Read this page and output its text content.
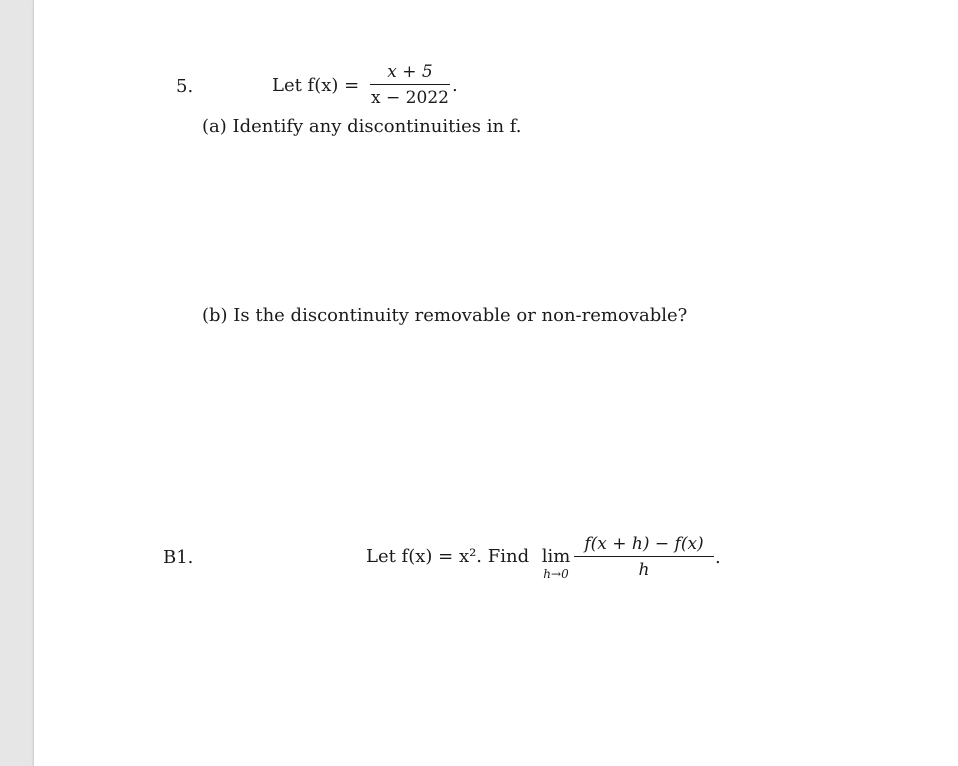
5.	Let f(x) =
x + 5
x − 2022
.
(a) Identify any discontinuities in f.
(b) Is the discontinuity removable or non-removable?
B1.	Let f(x) = x². Find lim
h→0
f(x + h) − f(x)
h
.
